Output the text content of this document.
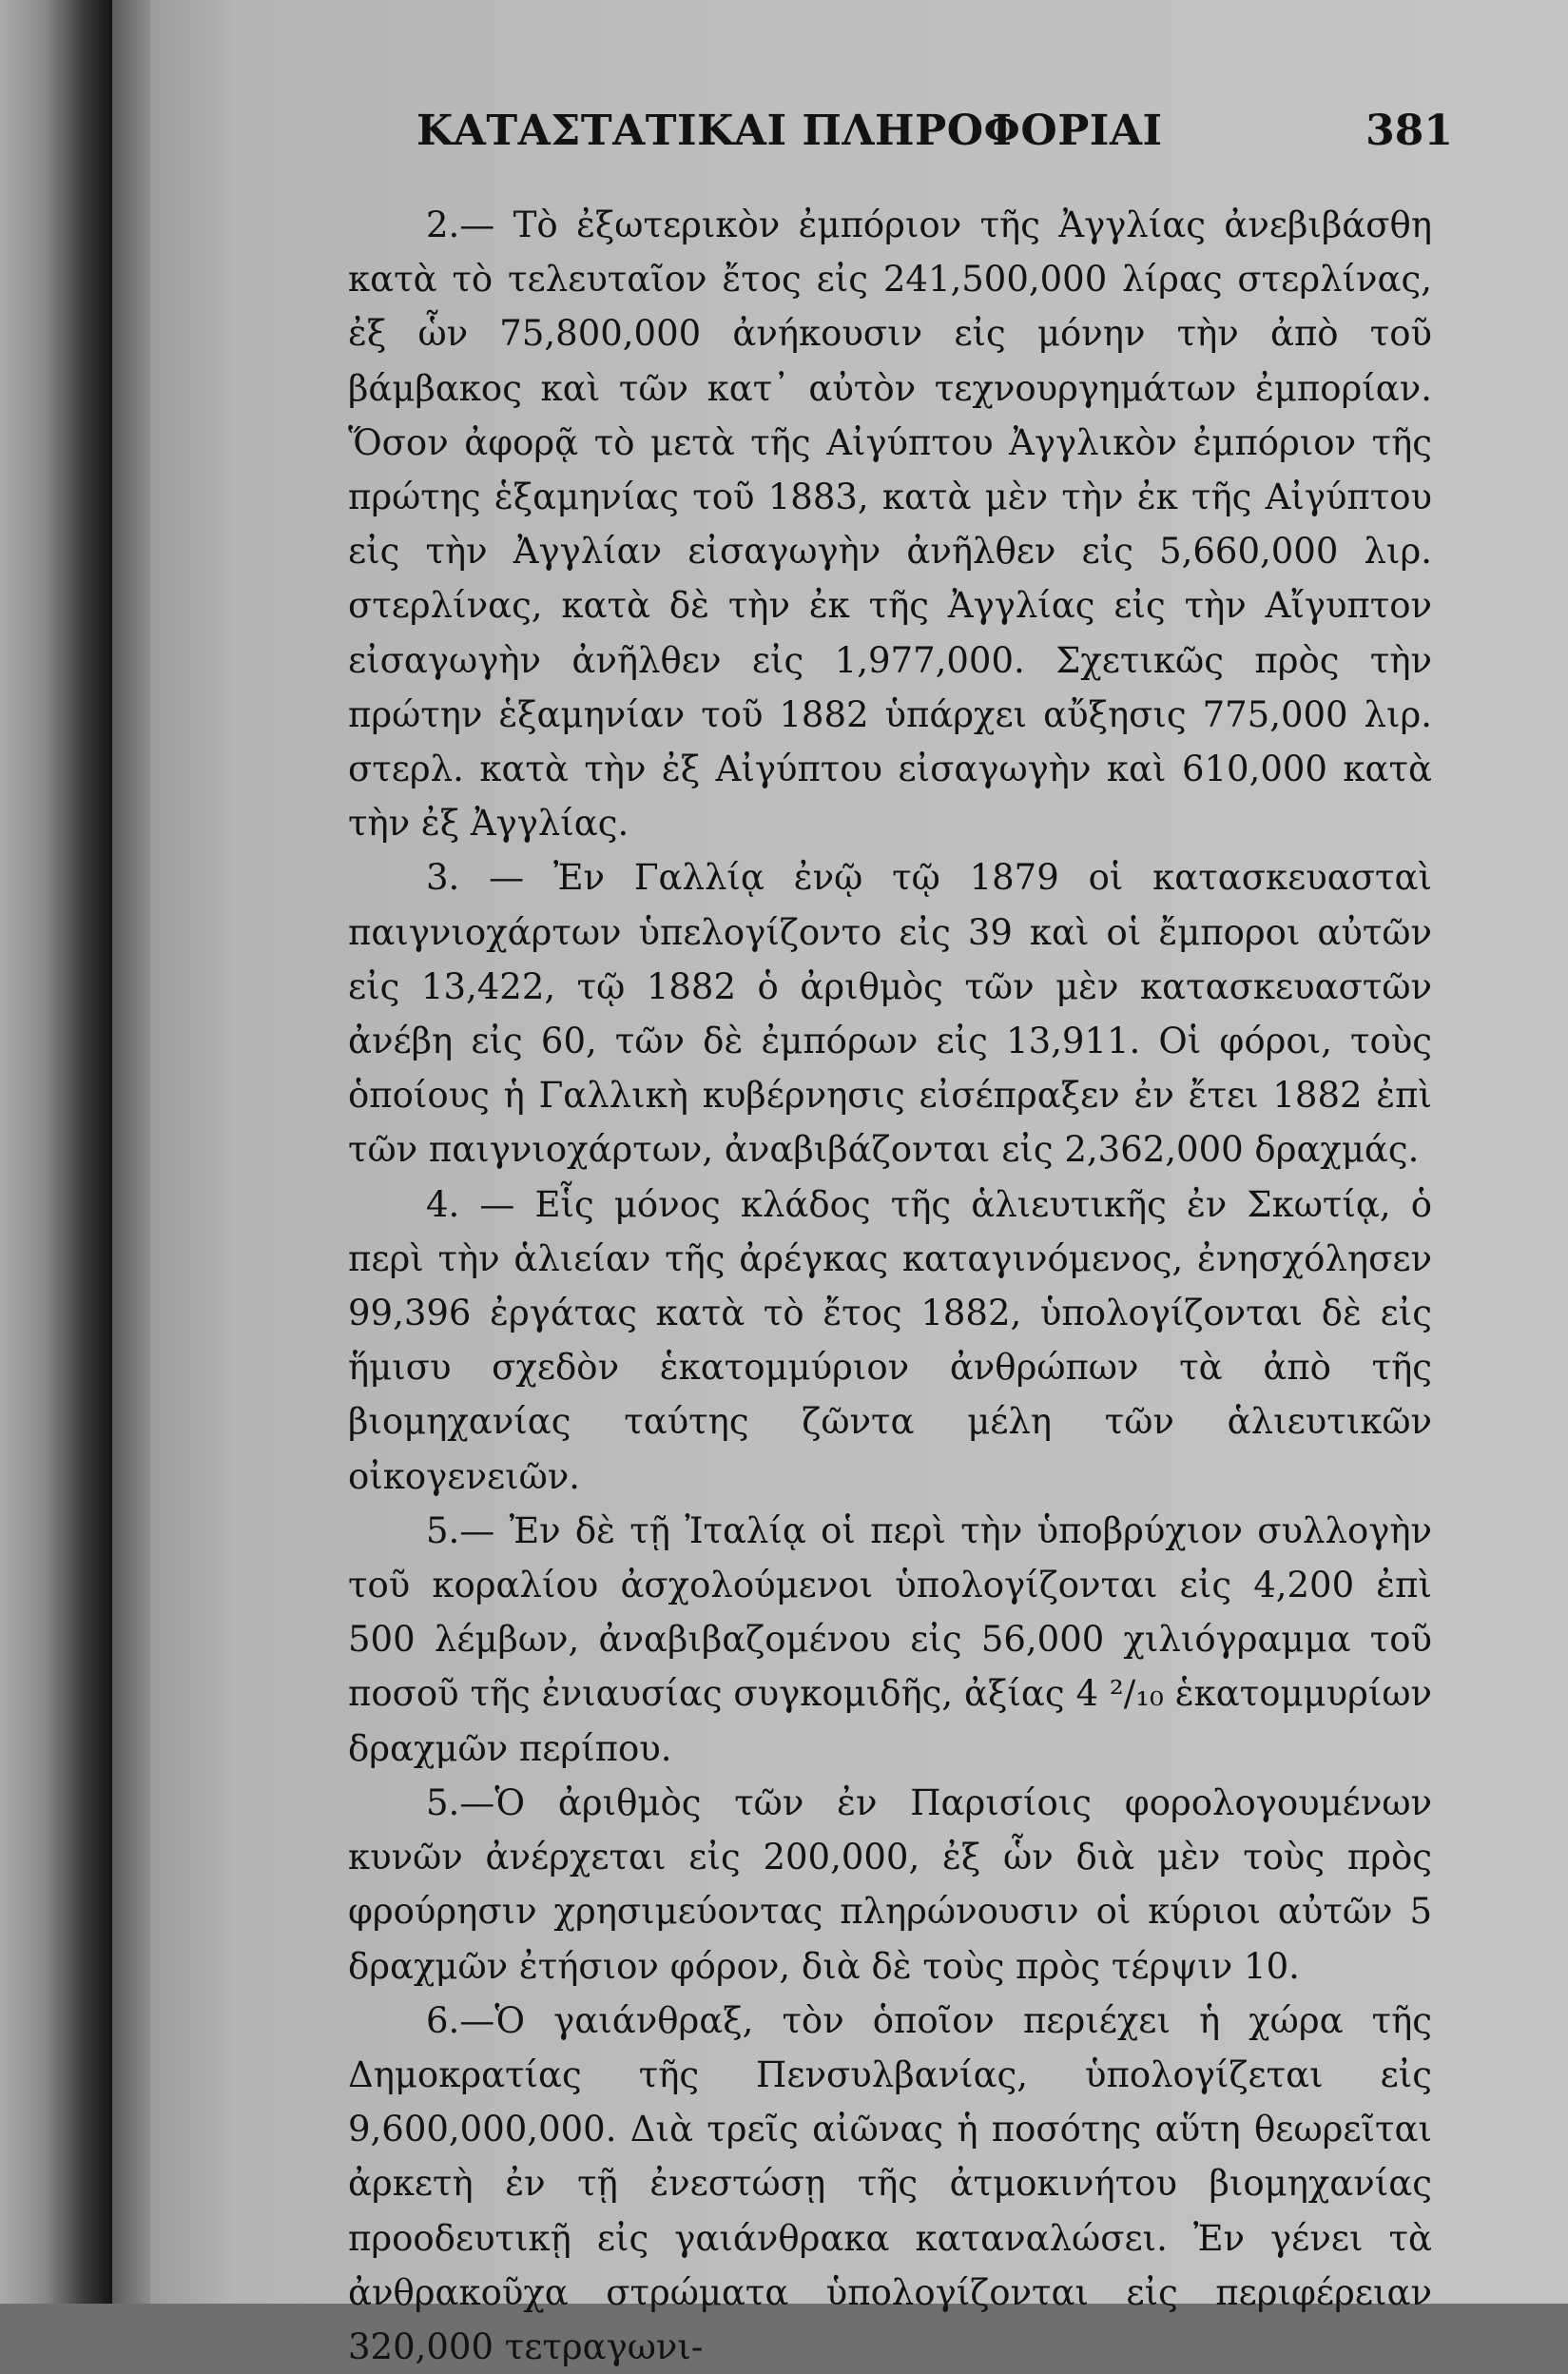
ΚΑΤΑΣΤΑΤΙΚΑΙ ΠΛΗΡΟΦΟΡΙΑΙ	381

2.— Τὸ ἐξωτερικὸν ἐμπόριον τῆς Ἀγγλίας ἀνεβιβάσθη κατὰ τὸ τελευταῖον ἔτος εἰς 241,500,000 λίρας στερλίνας, ἐξ ὧν 75,800,000 ἀνήκουσιν εἰς μόνην τὴν ἀπὸ τοῦ βάμβακος καὶ τῶν κατ᾽ αὐτὸν τεχνουργημάτων ἐμπορίαν. Ὅσον ἀφορᾷ τὸ μετὰ τῆς Αἰγύπτου Ἀγγλικὸν ἐμπόριον τῆς πρώτης ἑξαμηνίας τοῦ 1883, κατὰ μὲν τὴν ἐκ τῆς Αἰγύπτου εἰς τὴν Ἀγγλίαν εἰσαγωγὴν ἀνῆλθεν εἰς 5,660,000 λιρ. στερλίνας, κατὰ δὲ τὴν ἐκ τῆς Ἀγγλίας εἰς τὴν Αἴγυπτον εἰσαγωγὴν ἀνῆλθεν εἰς 1,977,000. Σχετικῶς πρὸς τὴν πρώτην ἑξαμηνίαν τοῦ 1882 ὑπάρχει αὔξησις 775,000 λιρ. στερλ. κατὰ τὴν ἐξ Αἰγύπτου εἰσαγωγὴν καὶ 610,000 κατὰ τὴν ἐξ Ἀγγλίας.

3. — Ἐν Γαλλίᾳ ἐνῷ τῷ 1879 οἱ κατασκευασταὶ παιγνιοχάρτων ὑπελογίζοντο εἰς 39 καὶ οἱ ἔμποροι αὐτῶν εἰς 13,422, τῷ 1882 ὁ ἀριθμὸς τῶν μὲν κατασκευαστῶν ἀνέβη εἰς 60, τῶν δὲ ἐμπόρων εἰς 13,911. Οἱ φόροι, τοὺς ὁποίους ἡ Γαλλικὴ κυβέρνησις εἰσέπραξεν ἐν ἔτει 1882 ἐπὶ τῶν παιγνιοχάρτων, ἀναβιβάζονται εἰς 2,362,000 δραχμάς.

4. — Εἷς μόνος κλάδος τῆς ἁλιευτικῆς ἐν Σκωτίᾳ, ὁ περὶ τὴν ἁλιείαν τῆς ἀρέγκας καταγινόμενος, ἐνησχόλησεν 99,396 ἐργάτας κατὰ τὸ ἔτος 1882, ὑπολογίζονται δὲ εἰς ἥμισυ σχεδὸν ἑκατομμύριον ἀνθρώπων τὰ ἀπὸ τῆς βιομηχανίας ταύτης ζῶντα μέλη τῶν ἁλιευτικῶν οἰκογενειῶν.

5.— Ἐν δὲ τῇ Ἰταλίᾳ οἱ περὶ τὴν ὑποβρύχιον συλλογὴν τοῦ κοραλίου ἀσχολούμενοι ὑπολογίζονται εἰς 4,200 ἐπὶ 500 λέμβων, ἀναβιβαζομένου εἰς 56,000 χιλιόγραμμα τοῦ ποσοῦ τῆς ἐνιαυσίας συγκομιδῆς, ἀξίας 4 ²/₁₀ ἑκατομμυρίων δραχμῶν περίπου.

5.—Ὁ ἀριθμὸς τῶν ἐν Παρισίοις φορολογουμένων κυνῶν ἀνέρχεται εἰς 200,000, ἐξ ὧν διὰ μὲν τοὺς πρὸς φρούρησιν χρησιμεύοντας πληρώνουσιν οἱ κύριοι αὐτῶν 5 δραχμῶν ἐτήσιον φόρον, διὰ δὲ τοὺς πρὸς τέρψιν 10.

6.—Ὁ γαιάνθραξ, τὸν ὁποῖον περιέχει ἡ χώρα τῆς Δημοκρατίας τῆς Πενσυλβανίας, ὑπολογίζεται εἰς 9,600,000,000. Διὰ τρεῖς αἰῶνας ἡ ποσότης αὕτη θεωρεῖται ἀρκετὴ ἐν τῇ ἐνεστώσῃ τῆς ἀτμοκινήτου βιομηχανίας προοδευτικῇ εἰς γαιάνθρακα καταναλώσει. Ἐν γένει τὰ ἀνθρακοῦχα στρώματα ὑπολογίζονται εἰς περιφέρειαν 320,000 τετραγωνι-
